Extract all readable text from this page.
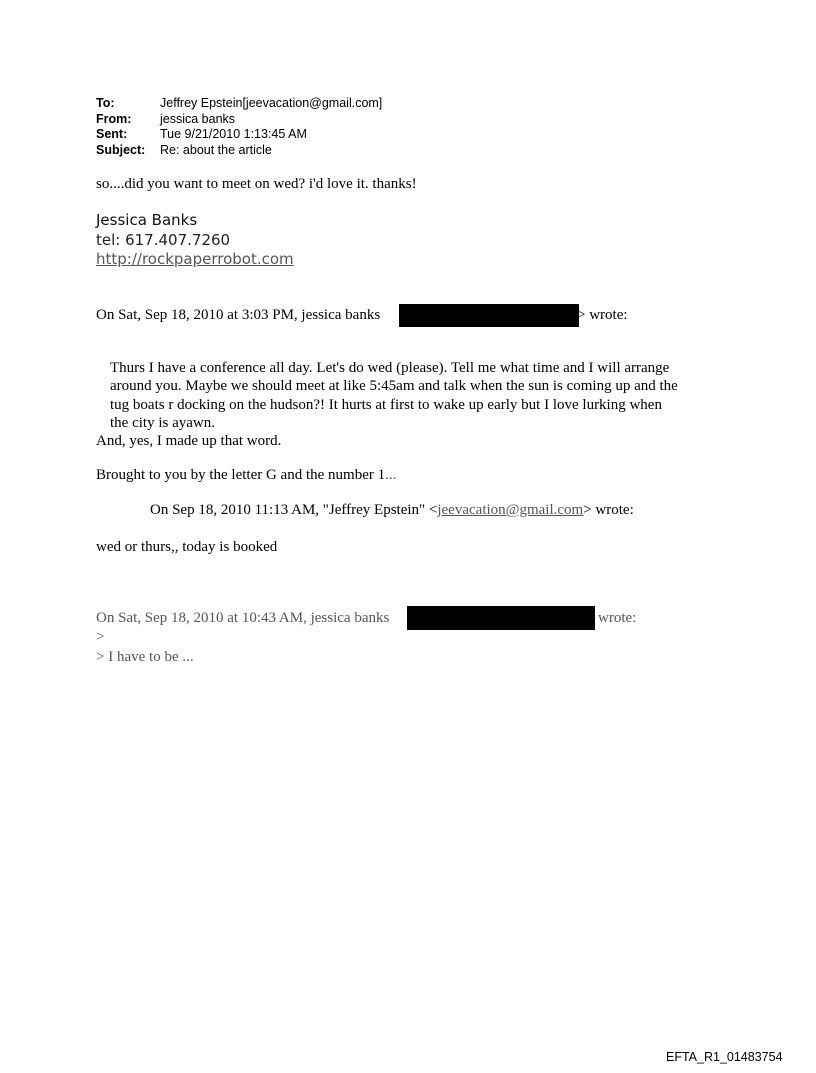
To:	Jeffrey Epstein[jeevacation@gmail.com]
From:	jessica banks
Sent:	Tue 9/21/2010 1:13:45 AM
Subject:	Re: about the article
so....did you want to meet on wed? i'd love it. thanks!
Jessica Banks
tel: 617.407.7260
http://rockpaperrobot.com
On Sat, Sep 18, 2010 at 3:03 PM, jessica banks	> wrote:
Thurs I have a conference all day. Let's do wed (please). Tell me what time and I will arrange
around you. Maybe we should meet at like 5:45am and talk when the sun is coming up and the
tug boats r docking on the hudson?! It hurts at first to wake up early but I love lurking when
the city is ayawn.
And, yes, I made up that word.
Brought to you by the letter G and the number 1...
On Sep 18, 2010 11:13 AM, "Jeffrey Epstein" <jeevacation@gmail.com> wrote:
wed or thurs,, today is booked
On Sat, Sep 18, 2010 at 10:43 AM, jessica banks	wrote:
>
> I have to be ...
EFTA_R1_01483754
